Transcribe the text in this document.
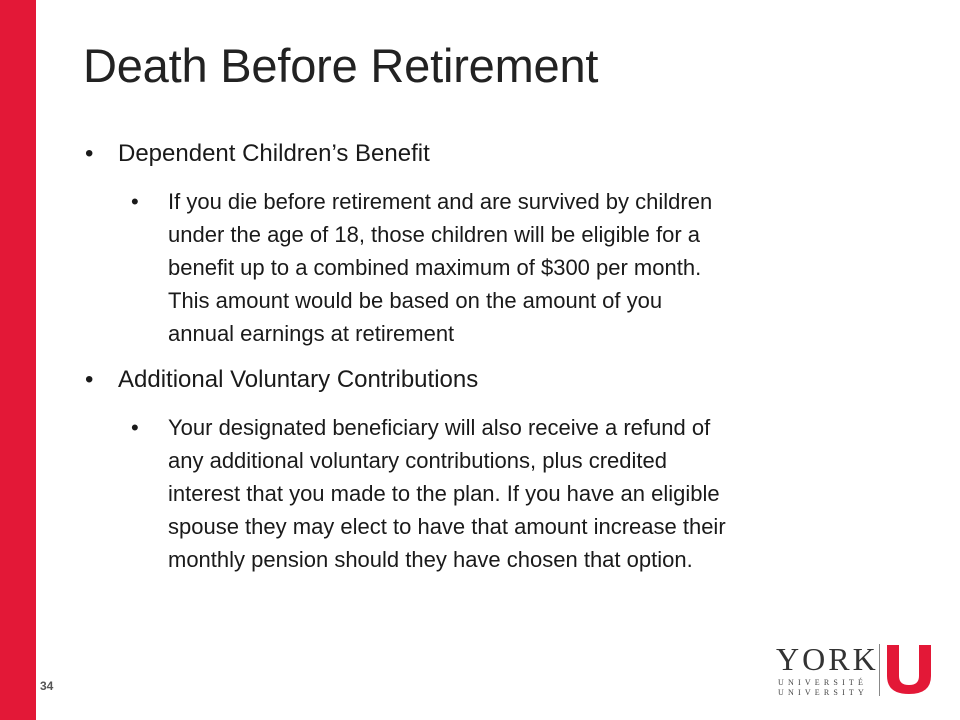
Death Before Retirement
• Dependent Children’s Benefit
• If you die before retirement and are survived by children
under the age of 18, those children will be eligible for a
benefit up to a combined maximum of $300 per month.
This amount would be based on the amount of you
annual earnings at retirement
• Additional Voluntary Contributions
• Your designated beneficiary will also receive a refund of
any additional voluntary contributions, plus credited
interest that you made to the plan. If you have an eligible
spouse they may elect to have that amount increase their
monthly pension should they have chosen that option.
34
YORK
UNIVERSITÉ
UNIVERSITY
